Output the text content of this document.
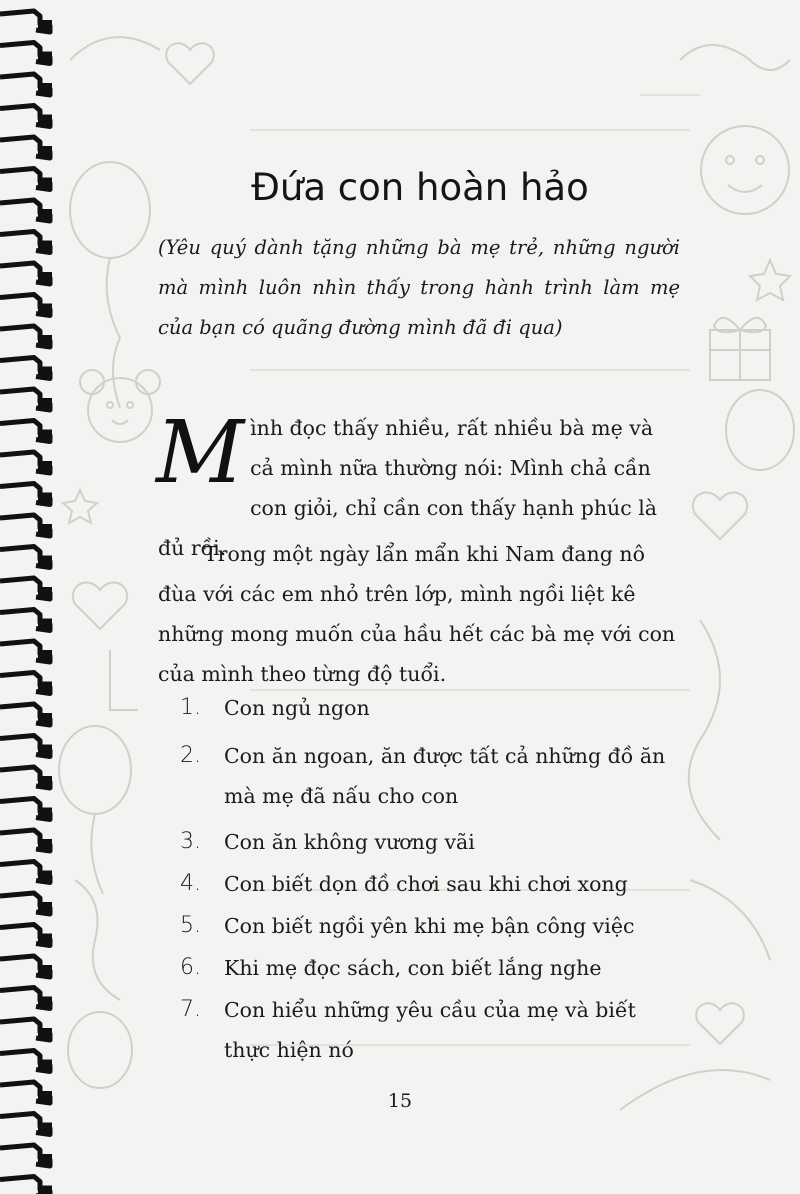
Đứa con hoàn hảo

(Yêu quý dành tặng những bà mẹ trẻ, những người mà mình luôn nhìn thấy trong hành trình làm mẹ của bạn có quãng đường mình đã đi qua)

Mình đọc thấy nhiều, rất nhiều bà mẹ và cả mình nữa thường nói: Mình chả cần con giỏi, chỉ cần con thấy hạnh phúc là đủ rồi.

Trong một ngày lẩn mẩn khi Nam đang nô đùa với các em nhỏ trên lớp, mình ngồi liệt kê những mong muốn của hầu hết các bà mẹ với con của mình theo từng độ tuổi.

1.	Con ngủ ngon
2.	Con ăn ngoan, ăn được tất cả những đồ ăn mà mẹ đã nấu cho con
3.	Con ăn không vương vãi
4.	Con biết dọn đồ chơi sau khi chơi xong
5.	Con biết ngồi yên khi mẹ bận công việc
6.	Khi mẹ đọc sách, con biết lắng nghe
7.	Con hiểu những yêu cầu của mẹ và biết thực hiện nó

15
